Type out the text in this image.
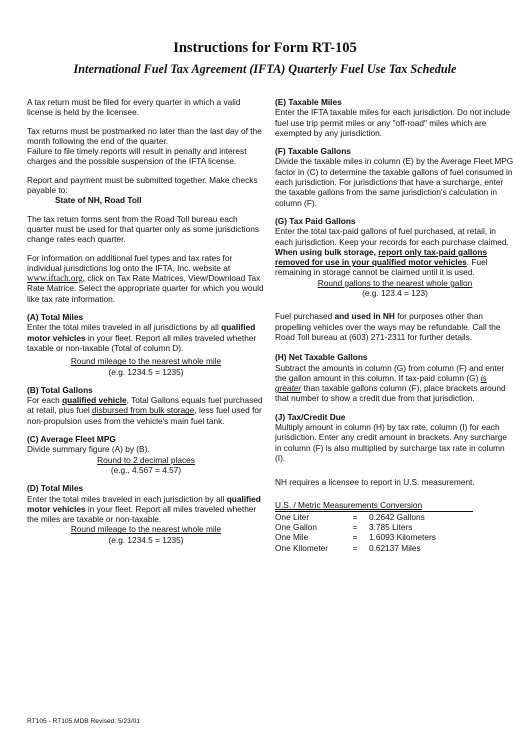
Instructions for Form RT-105
International Fuel Tax Agreement (IFTA) Quarterly Fuel Use Tax Schedule

A tax return must be filed for every quarter in which a valid license is held by the licensee.

Tax returns must be postmarked no later than the last day of the month following the end of the quarter.

Failure to file timely reports will result in penalty and interest charges and the possible suspension of the IFTA license.

Report and payment must be submitted together. Make checks payable to:

State of NH, Road Toll

The tax return forms sent from the Road Toll bureau each quarter must be used for that quarter only as some jurisdictions change rates each quarter.

For information on additional fuel types and tax rates for individual jurisdictions log onto the IFTA, Inc. website at www.iftach.org, click on Tax Rate Matrices, View/Download Tax Rate Matrice. Select the appropriate quarter for which you would like tax rate information.

(A) Total Miles

Enter the total miles traveled in all jurisdictions by all qualified motor vehicles in your fleet. Report all miles traveled whether taxable or non-taxable (Total of column D).

Round mileage to the nearest whole mile

(e.g. 1234.5 = 1235)

(B) Total Gallons

For each qualified vehicle, Total Gallons equals fuel purchased at retail, plus fuel disbursed from bulk storage, less fuel used for non-propulsion uses from the vehicle's main fuel tank.

(C) Average Fleet MPG

Divide summary figure (A) by (B).

Round to 2 decimal places

(e.g., 4.567 = 4.57)

(D) Total Miles

Enter the total miles traveled in each jurisdiction by all qualified motor vehicles in your fleet. Report all miles traveled whether the miles are taxable or non-taxable.

Round mileage to the nearest whole mile

(e.g. 1234.5 = 1235)

(E) Taxable Miles

Enter the IFTA taxable miles for each jurisdiction. Do not include fuel use trip permit miles or any "off-road" miles which are exempted by any jurisdiction.

(F) Taxable Gallons

Divide the taxable miles in column (E) by the Average Fleet MPG factor in (C) to determine the taxable gallons of fuel consumed in each jurisdiction. For jurisdictions that have a surcharge, enter the taxable gallons from the same jurisdiction's calculation in column (F).

(G) Tax Paid Gallons

Enter the total tax-paid gallons of fuel purchased, at retail, in each jurisdiction. Keep your records for each purchase claimed. When using bulk storage, report only tax-paid gallons removed for use in your qualified motor vehicles. Fuel remaining in storage cannot be claimed until it is used.

Round gallons to the nearest whole gallon

(e.g. 123.4 = 123)

Fuel purchased and used in NH for purposes other than propelling vehicles over the ways may be refundable. Call the Road Toll bureau at (603) 271-2311 for further details.

(H) Net Taxable Gallons

Subtract the amounts in column (G) from column (F) and enter the gallon amount in this column. If tax-paid column (G) is greater than taxable gallons column (F), place brackets around that number to show a credit due from that jurisdiction.

(J) Tax/Credit Due

Multiply amount in column (H) by tax rate, column (I) for each jurisdiction. Enter any credit amount in brackets. Any surcharge in column (F) is also multiplied by surcharge tax rate in column (I).

NH requires a licensee to report in U.S. measurement.

U.S. / Metric Measurements Conversion

One Liter	=	0.2642 Gallons
One Gallon	=	3.785 Liters
One Mile	=	1.6093 Kilometers
One Kilometer	=	0.62137 Miles
RT105 - RT105.MDB Revised: 5/23/01
